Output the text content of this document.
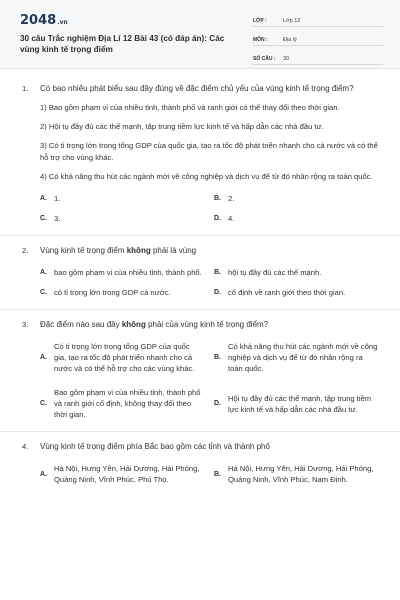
2048.vn
30 câu Trắc nghiệm Địa Lí 12 Bài 43 (có đáp án): Các vùng kinh tế trọng điểm
LỚP :	Lớp 12
MÔN :	Địa lý
SỐ CÂU :	30
1.	Có bao nhiêu phát biểu sau đây đúng về đặc điểm chủ yếu của vùng kinh tế trọng điểm?
1) Bao gồm phạm vi của nhiều tỉnh, thành phố và ranh giới có thể thay đổi theo thời gian.
2) Hội tụ đầy đủ các thế mạnh, tập trung tiềm lực kinh tế và hấp dẫn các nhà đầu tư.
3) Có tỉ trọng lớn trong tổng GDP của quốc gia, tạo ra tốc độ phát triển nhanh cho cả nước và có thể hỗ trợ cho vùng khác.
4) Có khả năng thu hút các ngành mới về công nghiệp và dịch vụ để từ đó nhân rộng ra toàn quốc.
A. 1.	B. 2.
C. 3.	D. 4.
2.	Vùng kinh tế trọng điểm không phải là vùng
A. bao gồm phạm vi của nhiều tỉnh, thành phố.	B. hội tụ đầy đủ các thế mạnh.
C. có tỉ trọng lớn trong GDP cả nước.	D. cố định về ranh giới theo thời gian.
3.	Đặc điểm nào sau đây không phải của vùng kinh tế trọng điểm?
A.
Có tỉ trọng lớn trong tổng GDP của quốc gia, tạo ra tốc độ phát triển nhanh cho cả nước và có thể hỗ trợ cho các vùng khác.
B.
Có khả năng thu hút các ngành mới về công nghiệp và dịch vụ để từ đó nhân rộng ra toàn quốc.
C.
Bao gồm phạm vi của nhiều tỉnh, thành phố và ranh giới cố định, không thay đổi theo thời gian.
D.
Hội tụ đầy đủ các thế mạnh, tập trung tiềm lực kinh tế và hấp dẫn các nhà đầu tư.
4.	Vùng kinh tế trọng điểm phía Bắc bao gồm các tỉnh và thành phố
A.
Hà Nội, Hưng Yên, Hải Dương, Hải Phòng, Quảng Ninh, Vĩnh Phúc, Phú Thọ.
B.
Hà Nội, Hưng Yên, Hải Dương, Hải Phòng, Quảng Ninh, Vĩnh Phúc, Nam Định.
